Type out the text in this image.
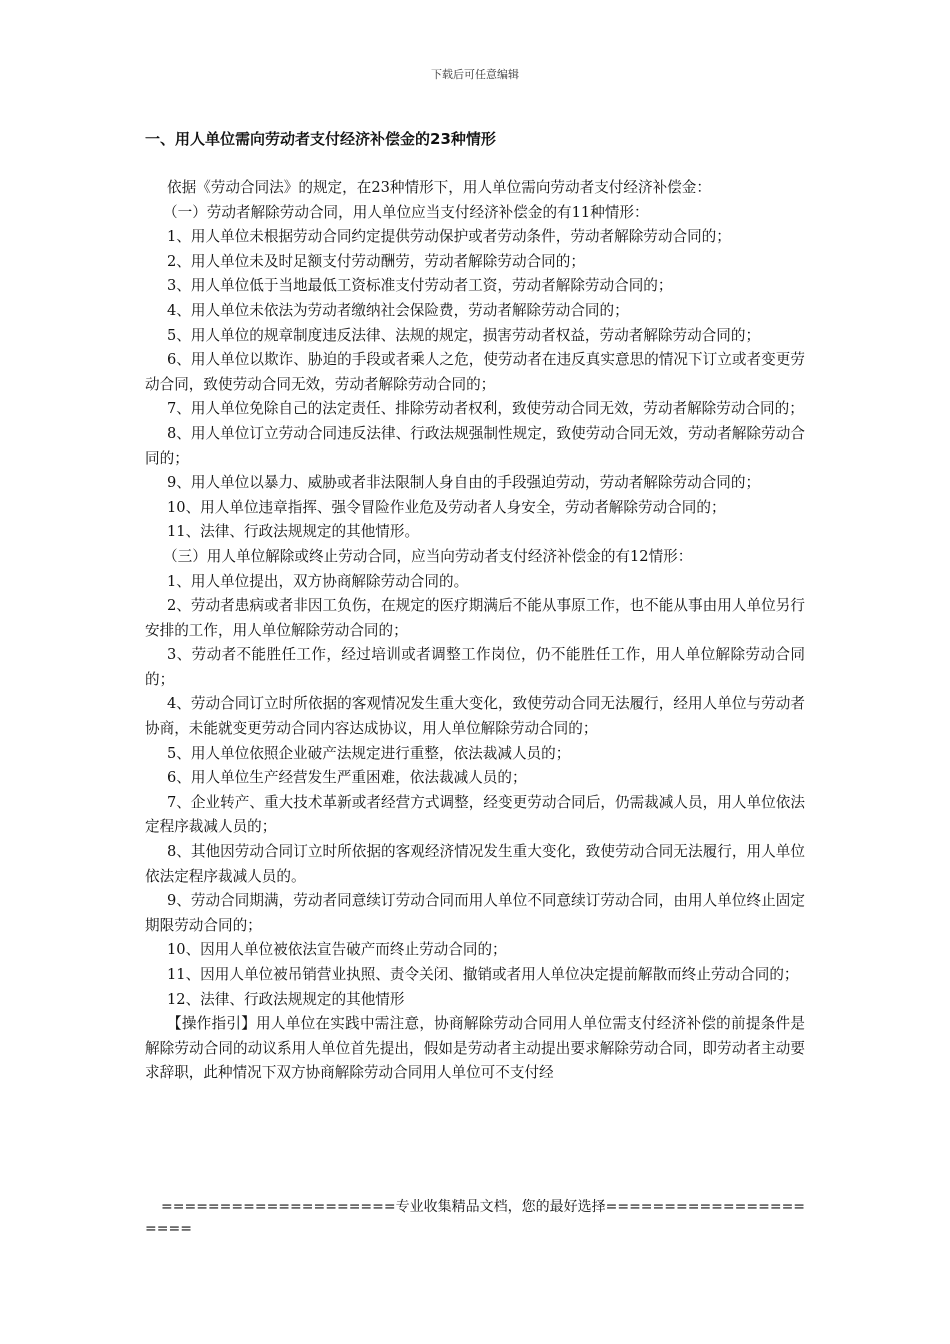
下载后可任意编辑
一、用人单位需向劳动者支付经济补偿金的23种情形

依据《劳动合同法》的规定，在23种情形下，用人单位需向劳动者支付经济补偿金：

（一）劳动者解除劳动合同，用人单位应当支付经济补偿金的有11种情形：

1、用人单位未根据劳动合同约定提供劳动保护或者劳动条件，劳动者解除劳动合同的；

2、用人单位未及时足额支付劳动酬劳，劳动者解除劳动合同的；

3、用人单位低于当地最低工资标准支付劳动者工资，劳动者解除劳动合同的；

4、用人单位未依法为劳动者缴纳社会保险费，劳动者解除劳动合同的；

5、用人单位的规章制度违反法律、法规的规定，损害劳动者权益，劳动者解除劳动合同的；

6、用人单位以欺诈、胁迫的手段或者乘人之危，使劳动者在违反真实意思的情况下订立或者变更劳动合同，致使劳动合同无效，劳动者解除劳动合同的；

7、用人单位免除自己的法定责任、排除劳动者权利，致使劳动合同无效，劳动者解除劳动合同的；

8、用人单位订立劳动合同违反法律、行政法规强制性规定，致使劳动合同无效，劳动者解除劳动合同的；

9、用人单位以暴力、威胁或者非法限制人身自由的手段强迫劳动，劳动者解除劳动合同的；

10、用人单位违章指挥、强令冒险作业危及劳动者人身安全，劳动者解除劳动合同的；

11、法律、行政法规规定的其他情形。

（三）用人单位解除或终止劳动合同，应当向劳动者支付经济补偿金的有12情形：

1、用人单位提出，双方协商解除劳动合同的。

2、劳动者患病或者非因工负伤，在规定的医疗期满后不能从事原工作，也不能从事由用人单位另行安排的工作，用人单位解除劳动合同的；

3、劳动者不能胜任工作，经过培训或者调整工作岗位，仍不能胜任工作，用人单位解除劳动合同的；

4、劳动合同订立时所依据的客观情况发生重大变化，致使劳动合同无法履行，经用人单位与劳动者协商，未能就变更劳动合同内容达成协议，用人单位解除劳动合同的；

5、用人单位依照企业破产法规定进行重整，依法裁减人员的；

6、用人单位生产经营发生严重困难，依法裁减人员的；

7、企业转产、重大技术革新或者经营方式调整，经变更劳动合同后，仍需裁减人员，用人单位依法定程序裁减人员的；

8、其他因劳动合同订立时所依据的客观经济情况发生重大变化，致使劳动合同无法履行，用人单位依法定程序裁减人员的。

9、劳动合同期满，劳动者同意续订劳动合同而用人单位不同意续订劳动合同，由用人单位终止固定期限劳动合同的；

10、因用人单位被依法宣告破产而终止劳动合同的；

11、因用人单位被吊销营业执照、责令关闭、撤销或者用人单位决定提前解散而终止劳动合同的；

12、法律、行政法规规定的其他情形

【操作指引】用人单位在实践中需注意，协商解除劳动合同用人单位需支付经济补偿的前提条件是解除劳动合同的动议系用人单位首先提出，假如是劳动者主动提出要求解除劳动合同，即劳动者主动要求辞职，此种情况下双方协商解除劳动合同用人单位可不支付经

====================专业收集精品文档，您的最好选择=====================
